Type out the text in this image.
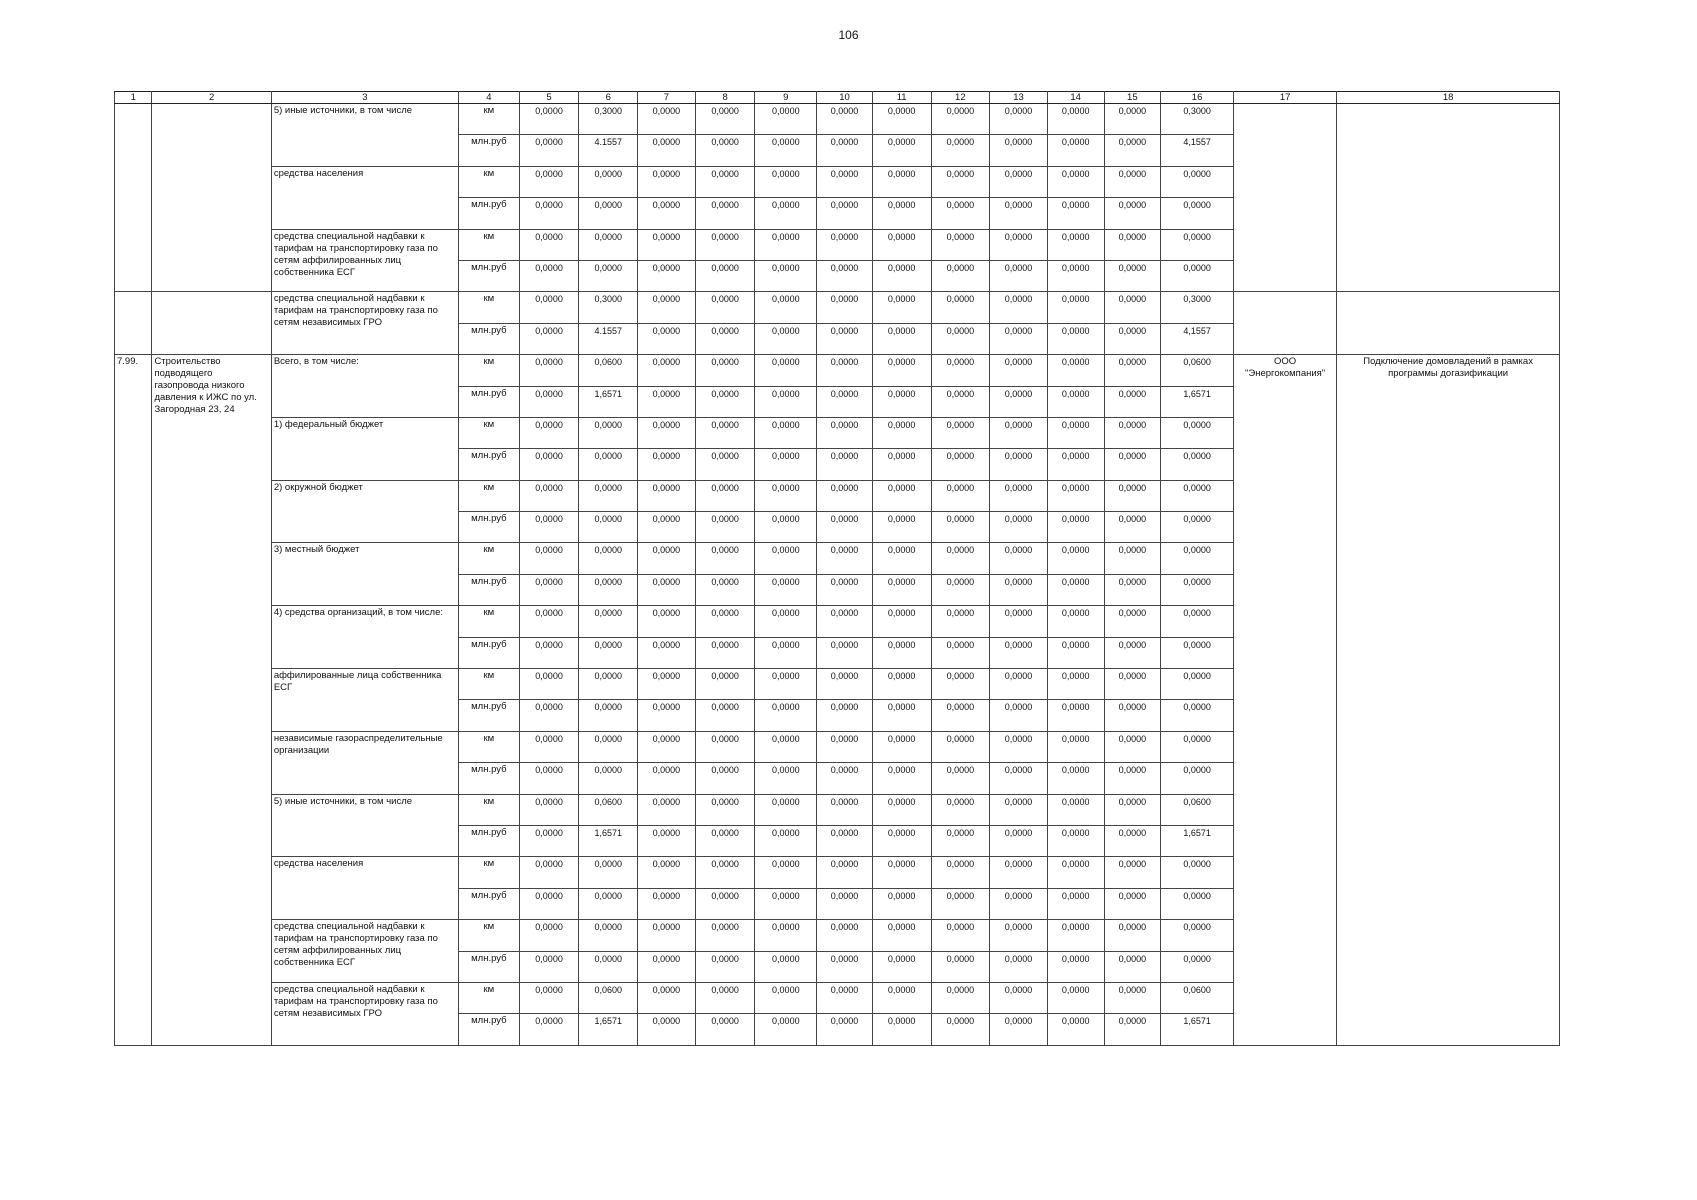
106
1	2	3	4	5	6	7	8	9	10	11	12	13	14	15	16	17	18
		5) иные источники, в том числе	км	0,0000	0,3000	0,0000	0,0000	0,0000	0,0000	0,0000	0,0000	0,0000	0,0000	0,0000	0,3000		
			млн.руб	0,0000	4.1557	0,0000	0,0000	0,0000	0,0000	0,0000	0,0000	0,0000	0,0000	0,0000	4,1557		
		средства населения	км	0,0000	0,0000	0,0000	0,0000	0,0000	0,0000	0,0000	0,0000	0,0000	0,0000	0,0000	0,0000		
			млн.руб	0,0000	0,0000	0,0000	0,0000	0,0000	0,0000	0,0000	0,0000	0,0000	0,0000	0,0000	0,0000		
		средства специальной надбавки к тарифам на транспортировку газа по сетям аффилированных лиц собственника ЕСГ	км	0,0000	0,0000	0,0000	0,0000	0,0000	0,0000	0,0000	0,0000	0,0000	0,0000	0,0000	0,0000		
			млн.руб	0,0000	0,0000	0,0000	0,0000	0,0000	0,0000	0,0000	0,0000	0,0000	0,0000	0,0000	0,0000		
		средства специальной надбавки к тарифам на транспортировку газа по сетям независимых ГРО	км	0,0000	0,3000	0,0000	0,0000	0,0000	0,0000	0,0000	0,0000	0,0000	0,0000	0,0000	0,3000		
			млн.руб	0,0000	4.1557	0,0000	0,0000	0,0000	0,0000	0,0000	0,0000	0,0000	0,0000	0,0000	4,1557		
7.99.	Строительство подводящего газопровода низкого давления к ИЖС по ул. Загородная 23, 24	Всего, в том числе:	км	0,0000	0,0600	0,0000	0,0000	0,0000	0,0000	0,0000	0,0000	0,0000	0,0000	0,0000	0,0600	ООО "Энергокомпания"	Подключение домовладений в рамках программы догазификации
			млн.руб	0,0000	1,6571	0,0000	0,0000	0,0000	0,0000	0,0000	0,0000	0,0000	0,0000	0,0000	1,6571		
		1) федеральный бюджет	км	0,0000	0,0000	0,0000	0,0000	0,0000	0,0000	0,0000	0,0000	0,0000	0,0000	0,0000	0,0000		
			млн.руб	0,0000	0,0000	0,0000	0,0000	0,0000	0,0000	0,0000	0,0000	0,0000	0,0000	0,0000	0,0000		
		2) окружной бюджет	км	0,0000	0,0000	0,0000	0,0000	0,0000	0,0000	0,0000	0,0000	0,0000	0,0000	0,0000	0,0000		
			млн.руб	0,0000	0,0000	0,0000	0,0000	0,0000	0,0000	0,0000	0,0000	0,0000	0,0000	0,0000	0,0000		
		3) местный бюджет	км	0,0000	0,0000	0,0000	0,0000	0,0000	0,0000	0,0000	0,0000	0,0000	0,0000	0,0000	0,0000		
			млн.руб	0,0000	0,0000	0,0000	0,0000	0,0000	0,0000	0,0000	0,0000	0,0000	0,0000	0,0000	0,0000		
		4) средства организаций, в том числе:	км	0,0000	0,0000	0,0000	0,0000	0,0000	0,0000	0,0000	0,0000	0,0000	0,0000	0,0000	0,0000		
			млн.руб	0,0000	0,0000	0,0000	0,0000	0,0000	0,0000	0,0000	0,0000	0,0000	0,0000	0,0000	0,0000		
		аффилированные лица собственника ЕСГ	км	0,0000	0,0000	0,0000	0,0000	0,0000	0,0000	0,0000	0,0000	0,0000	0,0000	0,0000	0,0000		
			млн.руб	0,0000	0,0000	0,0000	0,0000	0,0000	0,0000	0,0000	0,0000	0,0000	0,0000	0,0000	0,0000		
		независимые газораспределительные организации	км	0,0000	0,0000	0,0000	0,0000	0,0000	0,0000	0,0000	0,0000	0,0000	0,0000	0,0000	0,0000		
			млн.руб	0,0000	0,0000	0,0000	0,0000	0,0000	0,0000	0,0000	0,0000	0,0000	0,0000	0,0000	0,0000		
		5) иные источники, в том числе	км	0,0000	0,0600	0,0000	0,0000	0,0000	0,0000	0,0000	0,0000	0,0000	0,0000	0,0000	0,0600		
			млн.руб	0,0000	1,6571	0,0000	0,0000	0,0000	0,0000	0,0000	0,0000	0,0000	0,0000	0,0000	1,6571		
		средства населения	км	0,0000	0,0000	0,0000	0,0000	0,0000	0,0000	0,0000	0,0000	0,0000	0,0000	0,0000	0,0000		
			млн.руб	0,0000	0,0000	0,0000	0,0000	0,0000	0,0000	0,0000	0,0000	0,0000	0,0000	0,0000	0,0000		
		средства специальной надбавки к тарифам на транспортировку газа по сетям аффилированных лиц собственника ЕСГ	км	0,0000	0,0000	0,0000	0,0000	0,0000	0,0000	0,0000	0,0000	0,0000	0,0000	0,0000	0,0000		
			млн.руб	0,0000	0,0000	0,0000	0,0000	0,0000	0,0000	0,0000	0,0000	0,0000	0,0000	0,0000	0,0000		
		средства специальной надбавки к тарифам на транспортировку газа по сетям независимых ГРО	км	0,0000	0,0600	0,0000	0,0000	0,0000	0,0000	0,0000	0,0000	0,0000	0,0000	0,0000	0,0600		
			млн.руб	0,0000	1,6571	0,0000	0,0000	0,0000	0,0000	0,0000	0,0000	0,0000	0,0000	0,0000	1,6571		
